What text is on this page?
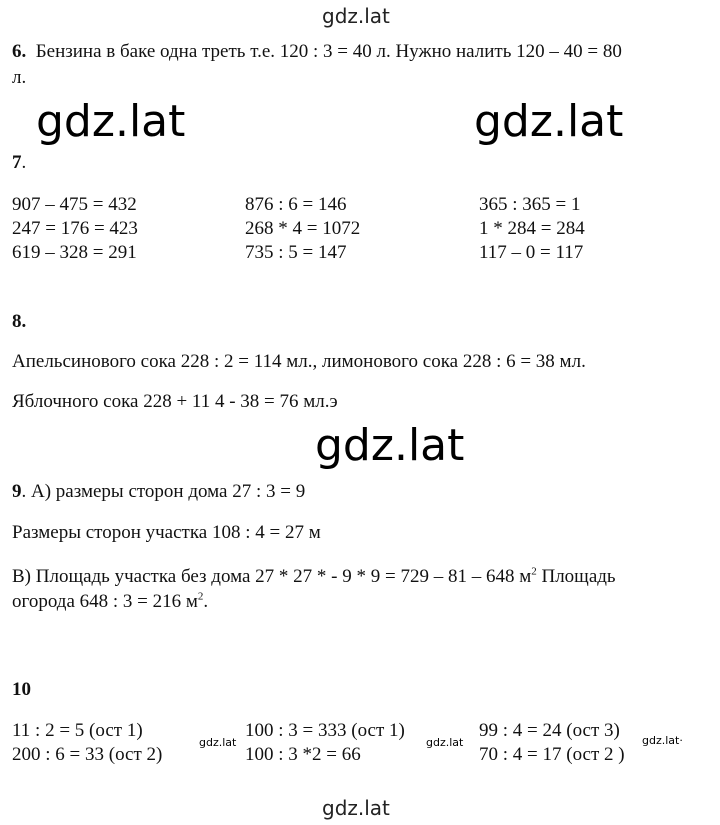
gdz.lat
6. Бензина в баке одна треть т.е. 120 : 3 = 40 л. Нужно налить 120 – 40 = 80
л.
gdz.lat	gdz.lat
7.
907 – 475 = 432
247 = 176 = 423
619 – 328 = 291
876 : 6 = 146
268 * 4 = 1072
735 : 5 = 147
365 : 365 = 1
1 * 284 = 284
117 – 0 = 117
8.
Апельсинового сока 228 : 2 = 114 мл., лимонового сока 228 : 6 = 38 мл.
Яблочного сока 228 + 11 4 - 38 = 76 мл.э
gdz.lat
9. А) размеры сторон дома 27 : 3 = 9
Размеры сторон участка 108 : 4 = 27 м
В) Площадь участка без дома 27 * 27 * - 9 * 9 = 729 – 81 – 648 $м^2$ Площадь
огорода 648 : 3 = 216 $м^2$.
10
11 : 2 = 5 (ост 1)
200 : 6 = 33 (ост 2)
gdz.lat
100 : 3 = 333 (ост 1)
100 : 3 *2 = 66
gdz.lat
99 : 4 = 24 (ост 3)
70 : 4 = 17 (ост 2 )
gdz.lat·
gdz.lat
